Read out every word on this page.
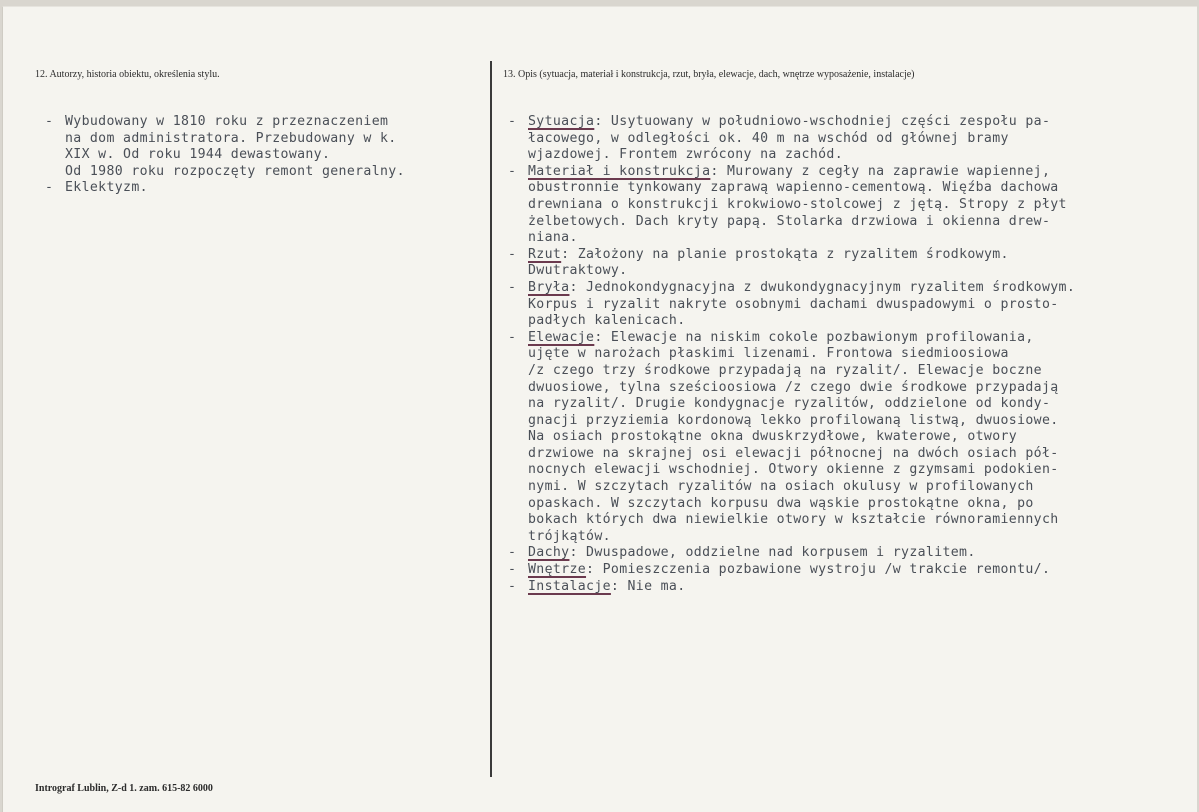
12. Autorzy, historia obiektu, określenia stylu.	13. Opis (sytuacja, materiał i konstrukcja, rzut, bryła, elewacje, dach, wnętrze wyposażenie, instalacje)
- Wybudowany w 1810 roku z przeznaczeniem
na dom administratora. Przebudowany w k.
XIX w. Od roku 1944 dewastowany.
Od 1980 roku rozpoczęty remont generalny.
- Eklektyzm.
- Sytuacja: Usytuowany w południowo-wschodniej części zespołu pa-
łacowego, w odległości ok. 40 m na wschód od głównej bramy
wjazdowej. Frontem zwrócony na zachód.
- Materiał i konstrukcja: Murowany z cegły na zaprawie wapiennej,
obustronnie tynkowany zaprawą wapienno-cementową. Więźba dachowa
drewniana o konstrukcji krokwiowo-stolcowej z jętą. Stropy z płyt
żelbetowych. Dach kryty papą. Stolarka drzwiowa i okienna drew-
niana.
- Rzut: Założony na planie prostokąta z ryzalitem środkowym.
Dwutraktowy.
- Bryła: Jednokondygnacyjna z dwukondygnacyjnym ryzalitem środkowym.
Korpus i ryzalit nakryte osobnymi dachami dwuspadowymi o prosto-
padłych kalenicach.
- Elewacje: Elewacje na niskim cokole pozbawionym profilowania,
ujęte w narożach płaskimi lizenami. Frontowa siedmioosiowa
/z czego trzy środkowe przypadają na ryzalit/. Elewacje boczne
dwuosiowe, tylna sześcioosiowa /z czego dwie środkowe przypadają
na ryzalit/. Drugie kondygnacje ryzalitów, oddzielone od kondy-
gnacji przyziemia kordonową lekko profilowaną listwą, dwuosiowe.
Na osiach prostokątne okna dwuskrzydłowe, kwaterowe, otwory
drzwiowe na skrajnej osi elewacji północnej na dwóch osiach pół-
nocnych elewacji wschodniej. Otwory okienne z gzymsami podokien-
nymi. W szczytach ryzalitów na osiach okulusy w profilowanych
opaskach. W szczytach korpusu dwa wąskie prostokątne okna, po
bokach których dwa niewielkie otwory w kształcie równoramiennych
trójkątów.
- Dachy: Dwuspadowe, oddzielne nad korpusem i ryzalitem.
- Wnętrze: Pomieszczenia pozbawione wystroju /w trakcie remontu/.
- Instalacje: Nie ma.
Intrograf Lublin, Z-d 1. zam. 615-82 6000
